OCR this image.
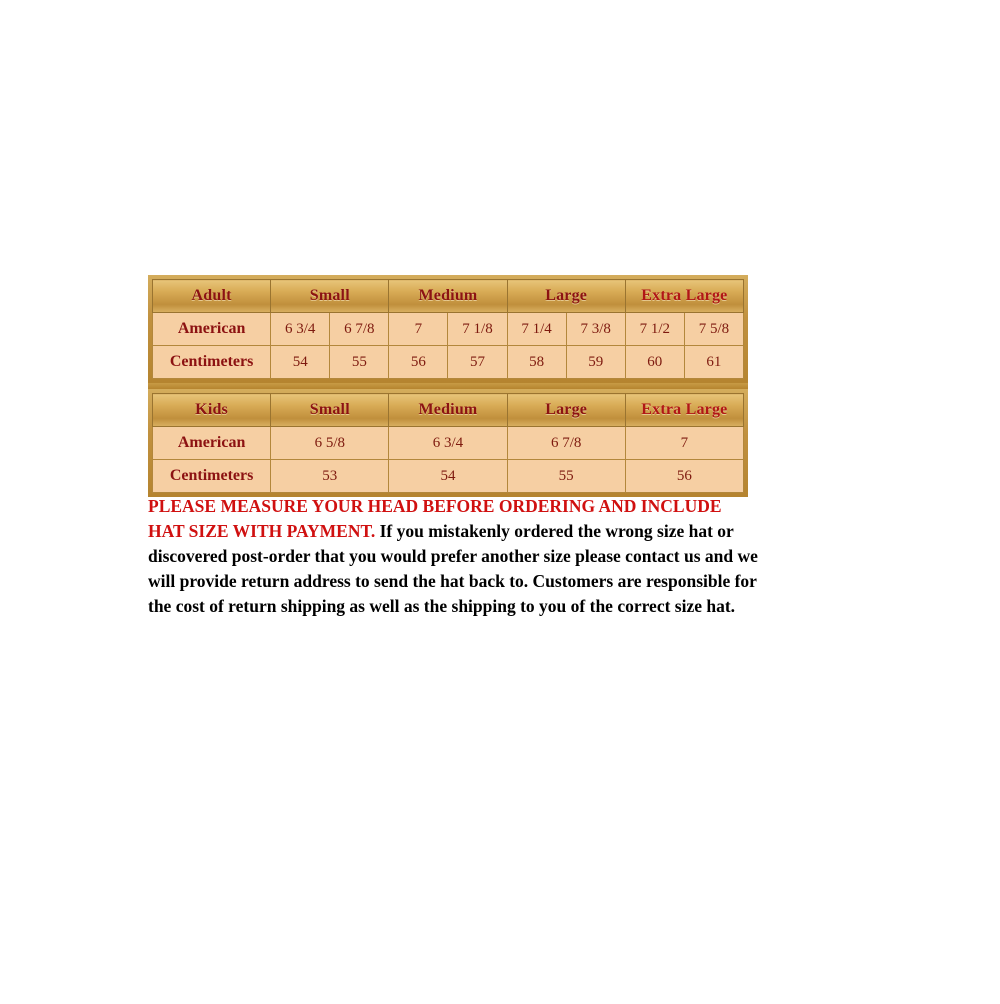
Adult	Small		Medium		Large		Extra Large	
American	6 3/4	6 7/8	7	7 1/8	7 1/4	7 3/8	7 1/2	7 5/8
Centimeters	54	55	56	57	58	59	60	61
Kids	Small	Medium	Large	Extra Large
American	6 5/8	6 3/4	6 7/8	7
Centimeters	53	54	55	56
PLEASE MEASURE YOUR HEAD BEFORE ORDERING AND INCLUDE HAT SIZE WITH PAYMENT. If you mistakenly ordered the wrong size hat or discovered post-order that you would prefer another size please contact us and we will provide return address to send the hat back to. Customers are responsible for the cost of return shipping as well as the shipping to you of the correct size hat.
